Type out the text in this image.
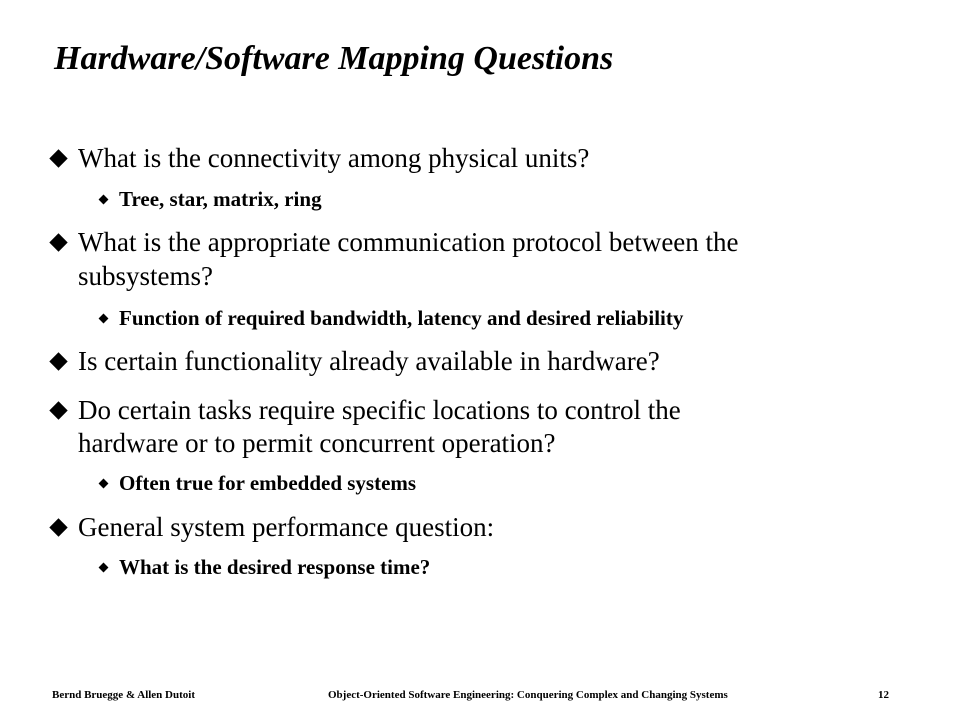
Hardware/Software Mapping Questions
What is the connectivity among physical units?
Tree, star, matrix, ring
What is the appropriate communication protocol between the
subsystems?
Function of required bandwidth, latency and desired reliability
Is certain functionality already available in hardware?
Do certain tasks require specific locations to control the
hardware or to permit concurrent operation?
Often true for embedded systems
General system performance question:
What is the desired response time?
Bernd Bruegge & Allen Dutoit	Object-Oriented Software Engineering: Conquering Complex and Changing Systems	12
